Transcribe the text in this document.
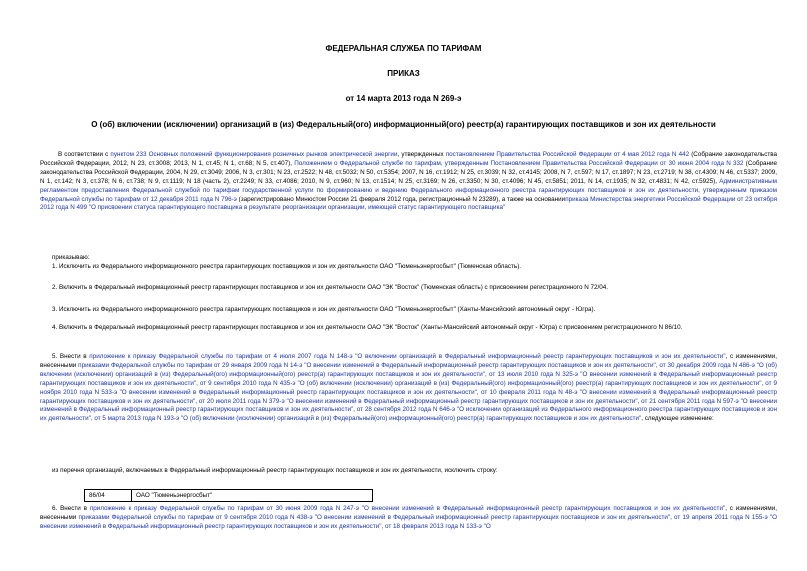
ФЕДЕРАЛЬНАЯ СЛУЖБА ПО ТАРИФАМ
ПРИКАЗ
от 14 марта 2013 года N 269-э
О (об) включении (исключении) организаций в (из) Федеральный(ого) информационный(ого) реестр(а) гарантирующих поставщиков и зон их деятельности
В соответствии с пунктом 233 Основных положений функционирования розничных рынков электрической энергии, утвержденных постановлением Правительства Российской Федерации от 4 мая 2012 года N 442 (Собрание законодательства Российской Федерации, 2012, N 23, ст.3008; 2013, N 1, ст.45; N 1, ст.68; N 5, ст.407), Положением о Федеральной службе по тарифам, утвержденным Постановлением Правительства Российской Федерации от 30 июня 2004 года N 332 (Собрание законодательства Российской Федерации, 2004, N 29, ст.3049; 2006, N 3, ст.301; N 23, ст.2522; N 48, ст.5032; N 50, ст.5354; 2007, N 16, ст.1912; N 25, ст.3039; N 32, ст.4145; 2008, N 7, ст.597; N 17, ст.1897; N 23, ст.2719; N 38, ст.4309; N 46, ст.5337; 2009, N 1, ст.142; N 3, ст.378; N 6, ст.738; N 9, ст.1119; N 18 (часть 2), ст.2249; N 33, ст.4086; 2010, N 9, ст.960; N 13, ст.1514; N 25, ст.3169; N 26, ст.3350; N 30, ст.4096; N 45, ст.5851; 2011, N 14, ст.1935; N 32, ст.4831; N 42, ст.5925), Административным регламентом предоставления Федеральной службой по тарифам государственной услуги по формированию и ведению Федерального информационного реестра гарантирующих поставщиков и зон их деятельности, утвержденным приказом Федеральной службы по тарифам от 12 декабря 2011 года N 796-э (зарегистрировано Минюстом России 21 февраля 2012 года, регистрационный N 23289), а также на основанииприказа Министерства энергетики Российской Федерации от 23 октября 2012 года N 499 "О присвоении статуса гарантирующего поставщика в результате реорганизации организации, имеющей статус гарантирующего поставщика"
приказываю:
1. Исключить из Федерального информационного реестра гарантирующих поставщиков и зон их деятельности ОАО "Тюменьэнергосбыт" (Тюменская область).
2. Включить в Федеральный информационный реестр гарантирующих поставщиков и зон их деятельности ОАО "ЭК "Восток" (Тюменская область) с присвоением регистрационного N 72/04.
3. Исключить из Федерального информационного реестра гарантирующих поставщиков и зон их деятельности ОАО "Тюменьэнергосбыт" (Ханты-Мансийский автономный округ - Югра).
4. Включить в Федеральный информационный реестр гарантирующих поставщиков и зон их деятельности ОАО "ЭК "Восток" (Ханты-Мансийский автономный округ - Югра) с присвоением регистрационного N 86/10.
5. Внести в приложение к приказу Федеральной службы по тарифам от 4 июля 2007 года N 148-э "О включении организаций в Федеральный информационный реестр гарантирующих поставщиков и зон их деятельности", с изменениями, внесенными приказами Федеральной службы по тарифам от 29 января 2009 года N 14-э "О внесении изменений в Федеральный информационный реестр гарантирующих поставщиков и зон их деятельности", от 30 декабря 2009 года N 486-э "О (об) включении (исключении) организаций в (из) Федеральный(ого) информационный(ого) реестр(а) гарантирующих поставщиков и зон их деятельности", от 13 июля 2010 года N 325-э "О внесении изменений в Федеральный информационный реестр гарантирующих поставщиков и зон их деятельности", от 9 сентября 2010 года N 435-э "О (об) включении (исключении) организаций в (из) Федеральный(ого) информационный(ого) реестр(а) гарантирующих поставщиков и зон их деятельности", от 9 ноября 2010 года N 533-э "О внесении изменений в Федеральный информационный реестр гарантирующих поставщиков и зон их деятельности", от 10 февраля 2011 года N 48-э "О внесении изменений в Федеральный информационный реестр гарантирующих поставщиков и зон их деятельности", от 20 июля 2011 года N 379-э "О внесении изменений в Федеральный информационный реестр гарантирующих поставщиков и зон их деятельности", от 21 сентября 2011 года N 597-э "О внесении изменений в Федеральный информационный реестр гарантирующих поставщиков и зон их деятельности", от 28 сентября 2012 года N 646-э "О исключении организаций из Федерального информационного реестра гарантирующих поставщиков и зон их деятельности", от 5 марта 2013 года N 193-э "О (об) включении (исключении) организаций в (из) Федеральный(ого) информационный(ого) реестр(а) гарантирующих поставщиков и зон их деятельности", следующее изменение:
из перечня организаций, включаемых в Федеральный информационный реестр гарантирующих поставщиков и зон их деятельности, исключить строку:
86/04	ОАО "Тюменьэнергосбыт"
6. Внести в приложение к приказу Федеральной службы по тарифам от 30 июня 2009 года N 247-э "О внесении изменений в Федеральный информационный реестр гарантирующих поставщиков и зон их деятельности", с изменениями, внесенными приказами Федеральной службы по тарифам от 9 сентября 2010 года N 438-э "О внесении изменений в Федеральный информационный реестр гарантирующих поставщиков и зон их деятельности", от 19 апреля 2011 года N 155-э "О внесении изменений в Федеральный информационный реестр гарантирующих поставщиков и зон их деятельности", от 18 февраля 2013 года N 133-э "О
